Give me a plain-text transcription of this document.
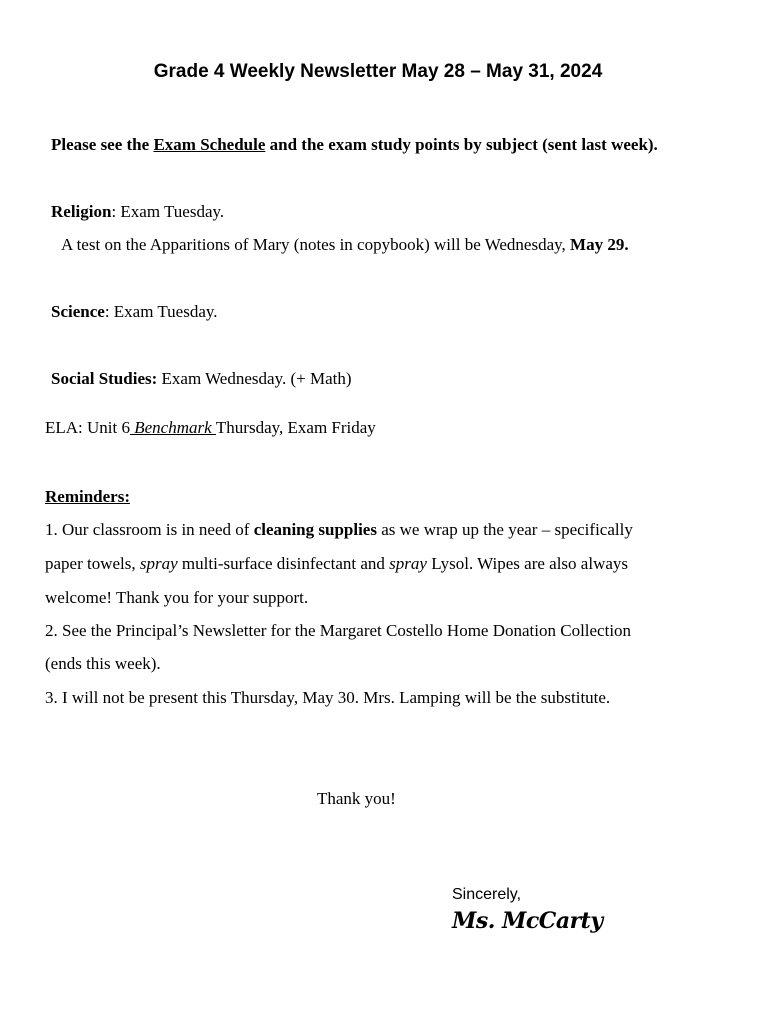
Grade 4 Weekly Newsletter May 28 – May 31, 2024
Please see the Exam Schedule and the exam study points by subject (sent last week).
Religion: Exam Tuesday.
A test on the Apparitions of Mary (notes in copybook) will be Wednesday, May 29.
Science: Exam Tuesday.
Social Studies: Exam Wednesday. (+ Math)
ELA: Unit 6 Benchmark Thursday, Exam Friday
Reminders:
1. Our classroom is in need of cleaning supplies as we wrap up the year – specifically
paper towels, spray multi-surface disinfectant and spray Lysol. Wipes are also always
welcome! Thank you for your support.
2. See the Principal’s Newsletter for the Margaret Costello Home Donation Collection
(ends this week).
3. I will not be present this Thursday, May 30. Mrs. Lamping will be the substitute.
Thank you!
Sincerely,
Ms. McCarty
